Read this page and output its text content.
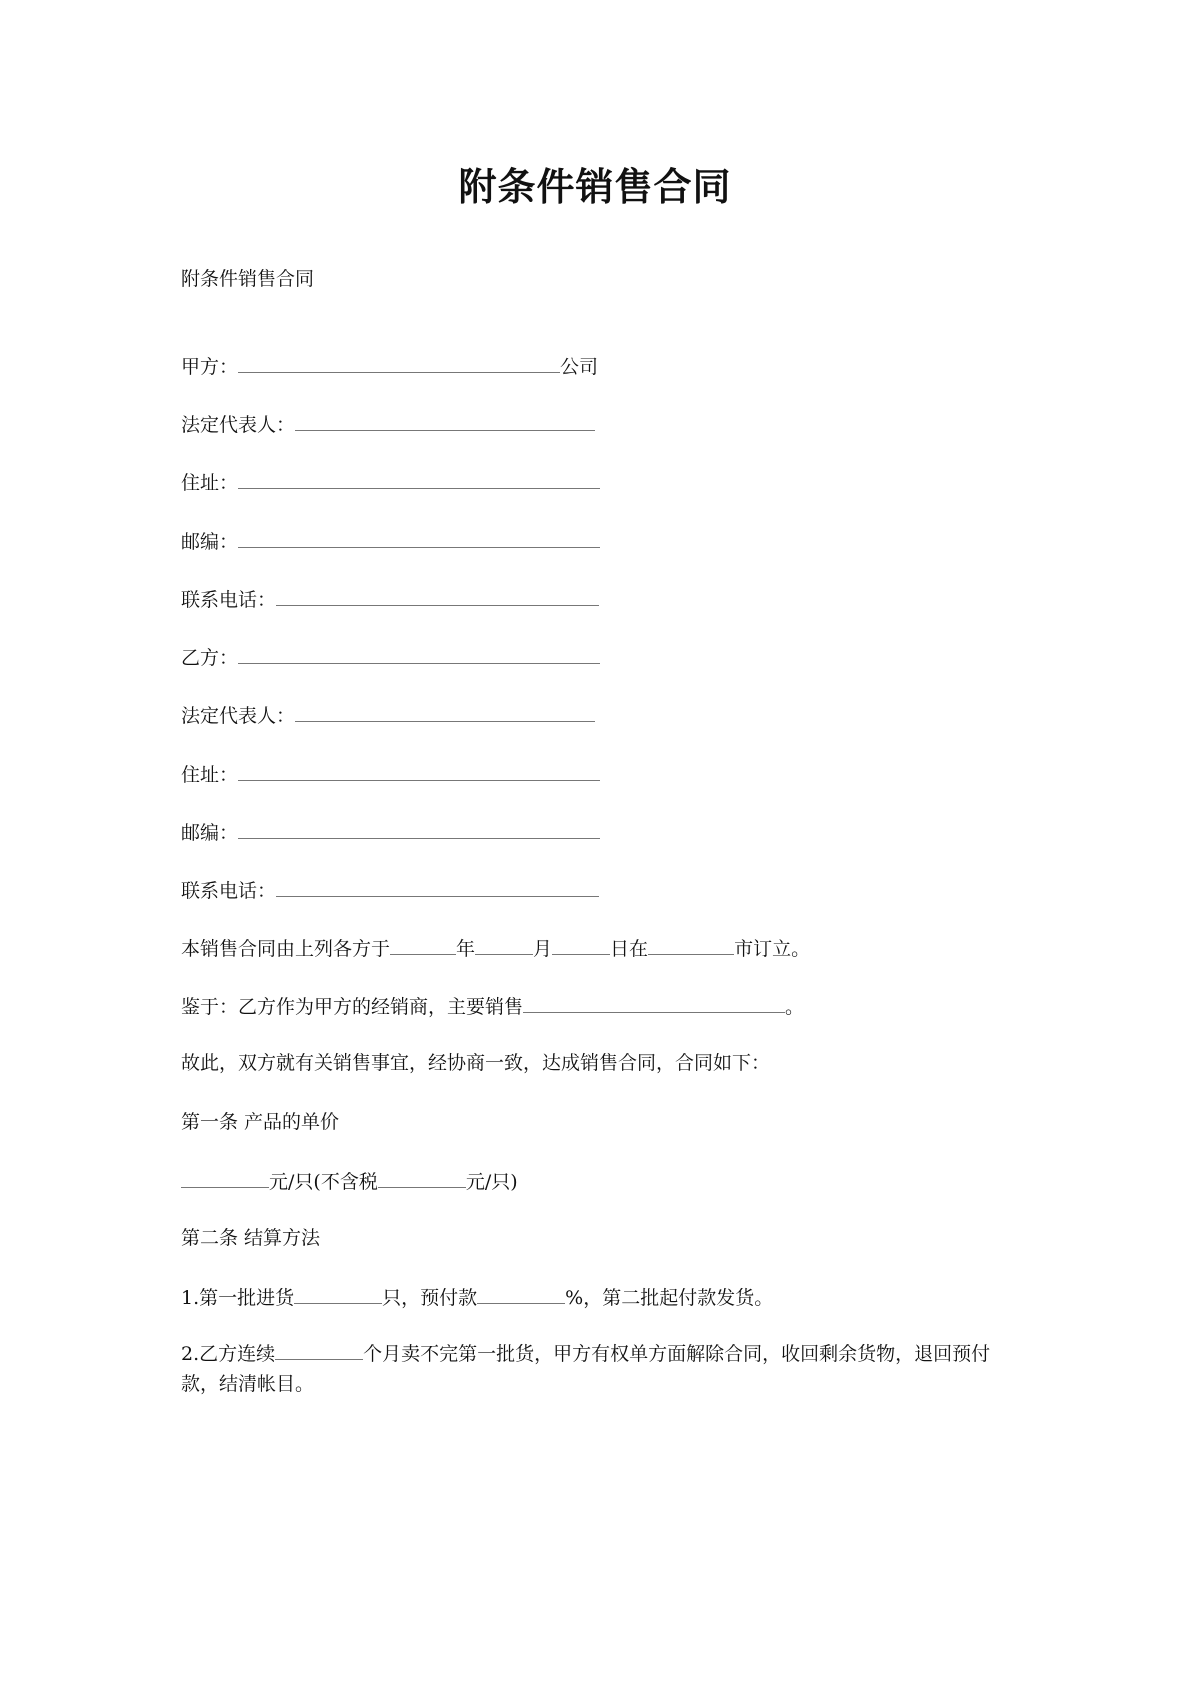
附条件销售合同
附条件销售合同
甲方：	公司
法定代表人：
住址：
邮编：
联系电话：
乙方：
法定代表人：
住址：
邮编：
联系电话：
本销售合同由上列各方于	年	月	日在	市订立。
鉴于：乙方作为甲方的经销商，主要销售	。
故此，双方就有关销售事宜，经协商一致，达成销售合同，合同如下：
第一条 产品的单价
元/只(不含税	元/只)
第二条 结算方法
1.第一批进货	只，预付款	%，第二批起付款发货。
2.乙方连续	个月卖不完第一批货，甲方有权单方面解除合同，收回剩余货物，退回预付款，结清帐目。
